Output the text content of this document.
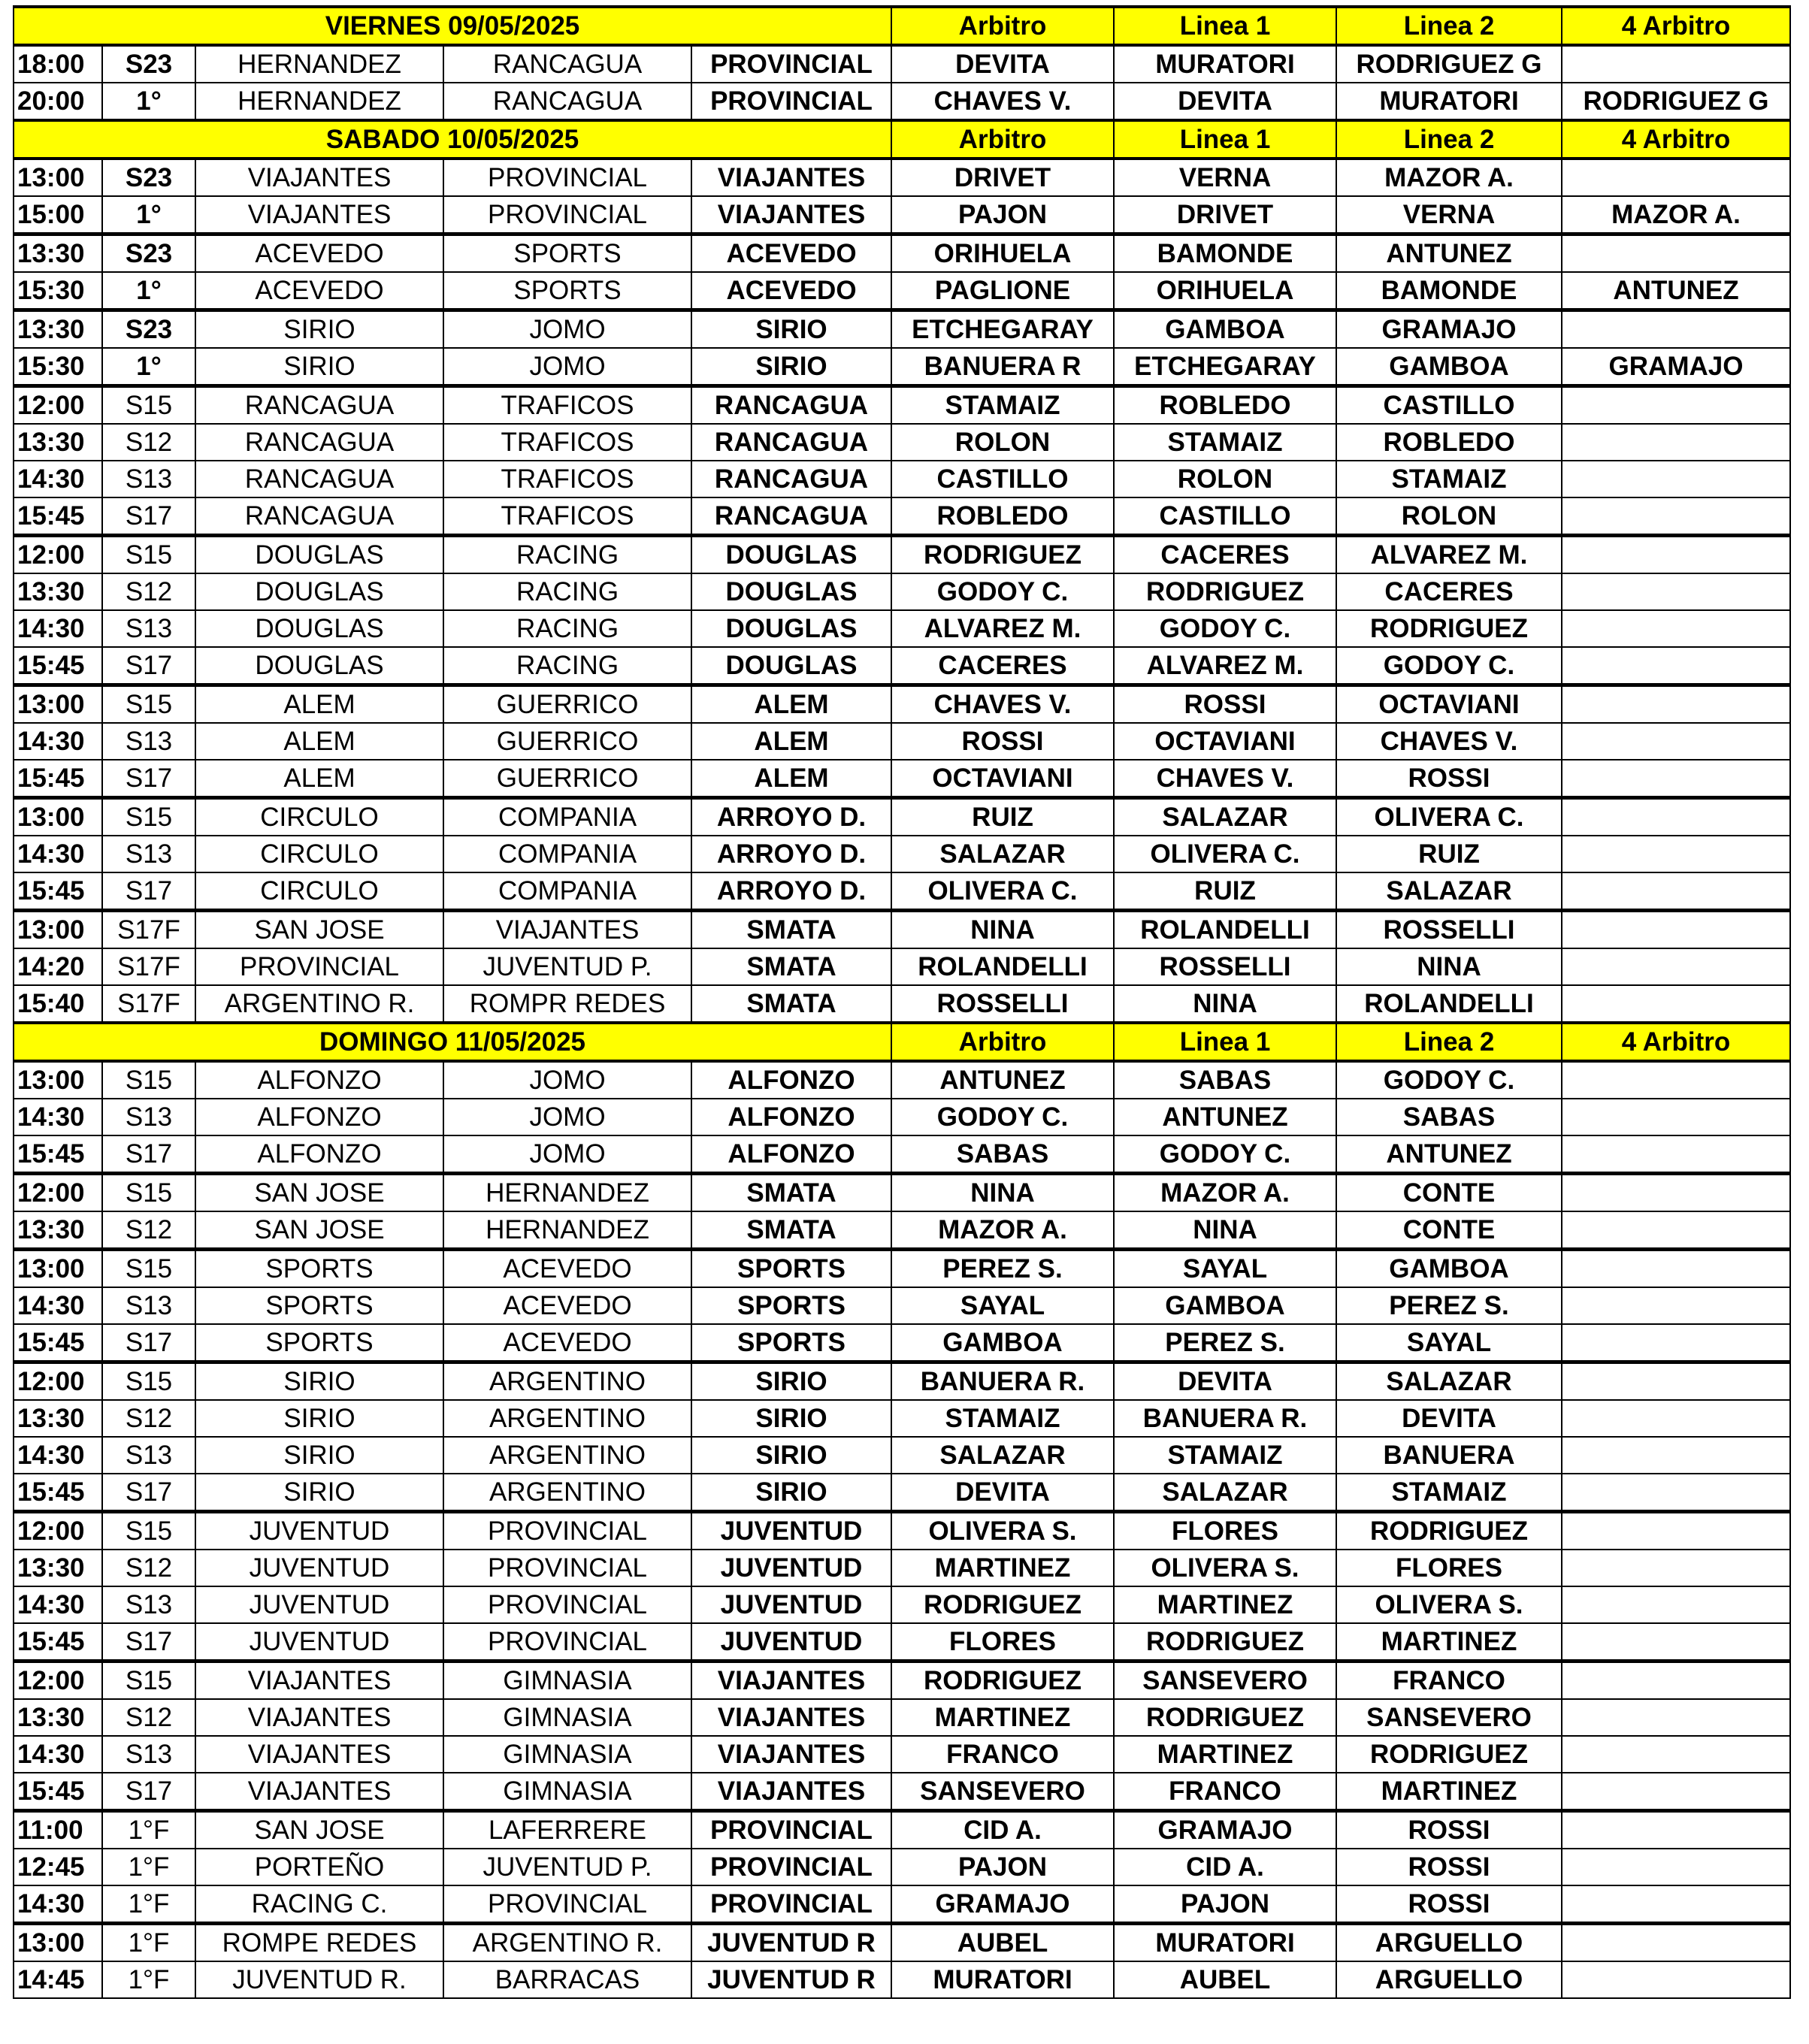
VIERNES 09/05/2025					Arbitro	Linea 1	Linea 2	4 Arbitro
18:00	S23	HERNANDEZ	RANCAGUA	PROVINCIAL	DEVITA	MURATORI	RODRIGUEZ G	
20:00	1°	HERNANDEZ	RANCAGUA	PROVINCIAL	CHAVES V.	DEVITA	MURATORI	RODRIGUEZ G
SABADO 10/05/2025					Arbitro	Linea 1	Linea 2	4 Arbitro
13:00	S23	VIAJANTES	PROVINCIAL	VIAJANTES	DRIVET	VERNA	MAZOR A.	
15:00	1°	VIAJANTES	PROVINCIAL	VIAJANTES	PAJON	DRIVET	VERNA	MAZOR A.
13:30	S23	ACEVEDO	SPORTS	ACEVEDO	ORIHUELA	BAMONDE	ANTUNEZ	
15:30	1°	ACEVEDO	SPORTS	ACEVEDO	PAGLIONE	ORIHUELA	BAMONDE	ANTUNEZ
13:30	S23	SIRIO	JOMO	SIRIO	ETCHEGARAY	GAMBOA	GRAMAJO	
15:30	1°	SIRIO	JOMO	SIRIO	BANUERA R	ETCHEGARAY	GAMBOA	GRAMAJO
12:00	S15	RANCAGUA	TRAFICOS	RANCAGUA	STAMAIZ	ROBLEDO	CASTILLO	
13:30	S12	RANCAGUA	TRAFICOS	RANCAGUA	ROLON	STAMAIZ	ROBLEDO	
14:30	S13	RANCAGUA	TRAFICOS	RANCAGUA	CASTILLO	ROLON	STAMAIZ	
15:45	S17	RANCAGUA	TRAFICOS	RANCAGUA	ROBLEDO	CASTILLO	ROLON	
12:00	S15	DOUGLAS	RACING	DOUGLAS	RODRIGUEZ	CACERES	ALVAREZ M.	
13:30	S12	DOUGLAS	RACING	DOUGLAS	GODOY C.	RODRIGUEZ	CACERES	
14:30	S13	DOUGLAS	RACING	DOUGLAS	ALVAREZ M.	GODOY C.	RODRIGUEZ	
15:45	S17	DOUGLAS	RACING	DOUGLAS	CACERES	ALVAREZ M.	GODOY C.	
13:00	S15	ALEM	GUERRICO	ALEM	CHAVES V.	ROSSI	OCTAVIANI	
14:30	S13	ALEM	GUERRICO	ALEM	ROSSI	OCTAVIANI	CHAVES V.	
15:45	S17	ALEM	GUERRICO	ALEM	OCTAVIANI	CHAVES V.	ROSSI	
13:00	S15	CIRCULO	COMPANIA	ARROYO D.	RUIZ	SALAZAR	OLIVERA C.	
14:30	S13	CIRCULO	COMPANIA	ARROYO D.	SALAZAR	OLIVERA C.	RUIZ	
15:45	S17	CIRCULO	COMPANIA	ARROYO D.	OLIVERA C.	RUIZ	SALAZAR	
13:00	S17F	SAN JOSE	VIAJANTES	SMATA	NINA	ROLANDELLI	ROSSELLI	
14:20	S17F	PROVINCIAL	JUVENTUD P.	SMATA	ROLANDELLI	ROSSELLI	NINA	
15:40	S17F	ARGENTINO R.	ROMPR REDES	SMATA	ROSSELLI	NINA	ROLANDELLI	
DOMINGO 11/05/2025					Arbitro	Linea 1	Linea 2	4 Arbitro
13:00	S15	ALFONZO	JOMO	ALFONZO	ANTUNEZ	SABAS	GODOY C.	
14:30	S13	ALFONZO	JOMO	ALFONZO	GODOY C.	ANTUNEZ	SABAS	
15:45	S17	ALFONZO	JOMO	ALFONZO	SABAS	GODOY C.	ANTUNEZ	
12:00	S15	SAN JOSE	HERNANDEZ	SMATA	NINA	MAZOR A.	CONTE	
13:30	S12	SAN JOSE	HERNANDEZ	SMATA	MAZOR A.	NINA	CONTE	
13:00	S15	SPORTS	ACEVEDO	SPORTS	PEREZ S.	SAYAL	GAMBOA	
14:30	S13	SPORTS	ACEVEDO	SPORTS	SAYAL	GAMBOA	PEREZ S.	
15:45	S17	SPORTS	ACEVEDO	SPORTS	GAMBOA	PEREZ S.	SAYAL	
12:00	S15	SIRIO	ARGENTINO	SIRIO	BANUERA R.	DEVITA	SALAZAR	
13:30	S12	SIRIO	ARGENTINO	SIRIO	STAMAIZ	BANUERA R.	DEVITA	
14:30	S13	SIRIO	ARGENTINO	SIRIO	SALAZAR	STAMAIZ	BANUERA	
15:45	S17	SIRIO	ARGENTINO	SIRIO	DEVITA	SALAZAR	STAMAIZ	
12:00	S15	JUVENTUD	PROVINCIAL	JUVENTUD	OLIVERA S.	FLORES	RODRIGUEZ	
13:30	S12	JUVENTUD	PROVINCIAL	JUVENTUD	MARTINEZ	OLIVERA S.	FLORES	
14:30	S13	JUVENTUD	PROVINCIAL	JUVENTUD	RODRIGUEZ	MARTINEZ	OLIVERA S.	
15:45	S17	JUVENTUD	PROVINCIAL	JUVENTUD	FLORES	RODRIGUEZ	MARTINEZ	
12:00	S15	VIAJANTES	GIMNASIA	VIAJANTES	RODRIGUEZ	SANSEVERO	FRANCO	
13:30	S12	VIAJANTES	GIMNASIA	VIAJANTES	MARTINEZ	RODRIGUEZ	SANSEVERO	
14:30	S13	VIAJANTES	GIMNASIA	VIAJANTES	FRANCO	MARTINEZ	RODRIGUEZ	
15:45	S17	VIAJANTES	GIMNASIA	VIAJANTES	SANSEVERO	FRANCO	MARTINEZ	
11:00	1°F	SAN JOSE	LAFERRERE	PROVINCIAL	CID A.	GRAMAJO	ROSSI	
12:45	1°F	PORTEÑO	JUVENTUD P.	PROVINCIAL	PAJON	CID A.	ROSSI	
14:30	1°F	RACING C.	PROVINCIAL	PROVINCIAL	GRAMAJO	PAJON	ROSSI	
13:00	1°F	ROMPE REDES	ARGENTINO R.	JUVENTUD R	AUBEL	MURATORI	ARGUELLO	
14:45	1°F	JUVENTUD R.	BARRACAS	JUVENTUD R	MURATORI	AUBEL	ARGUELLO	
